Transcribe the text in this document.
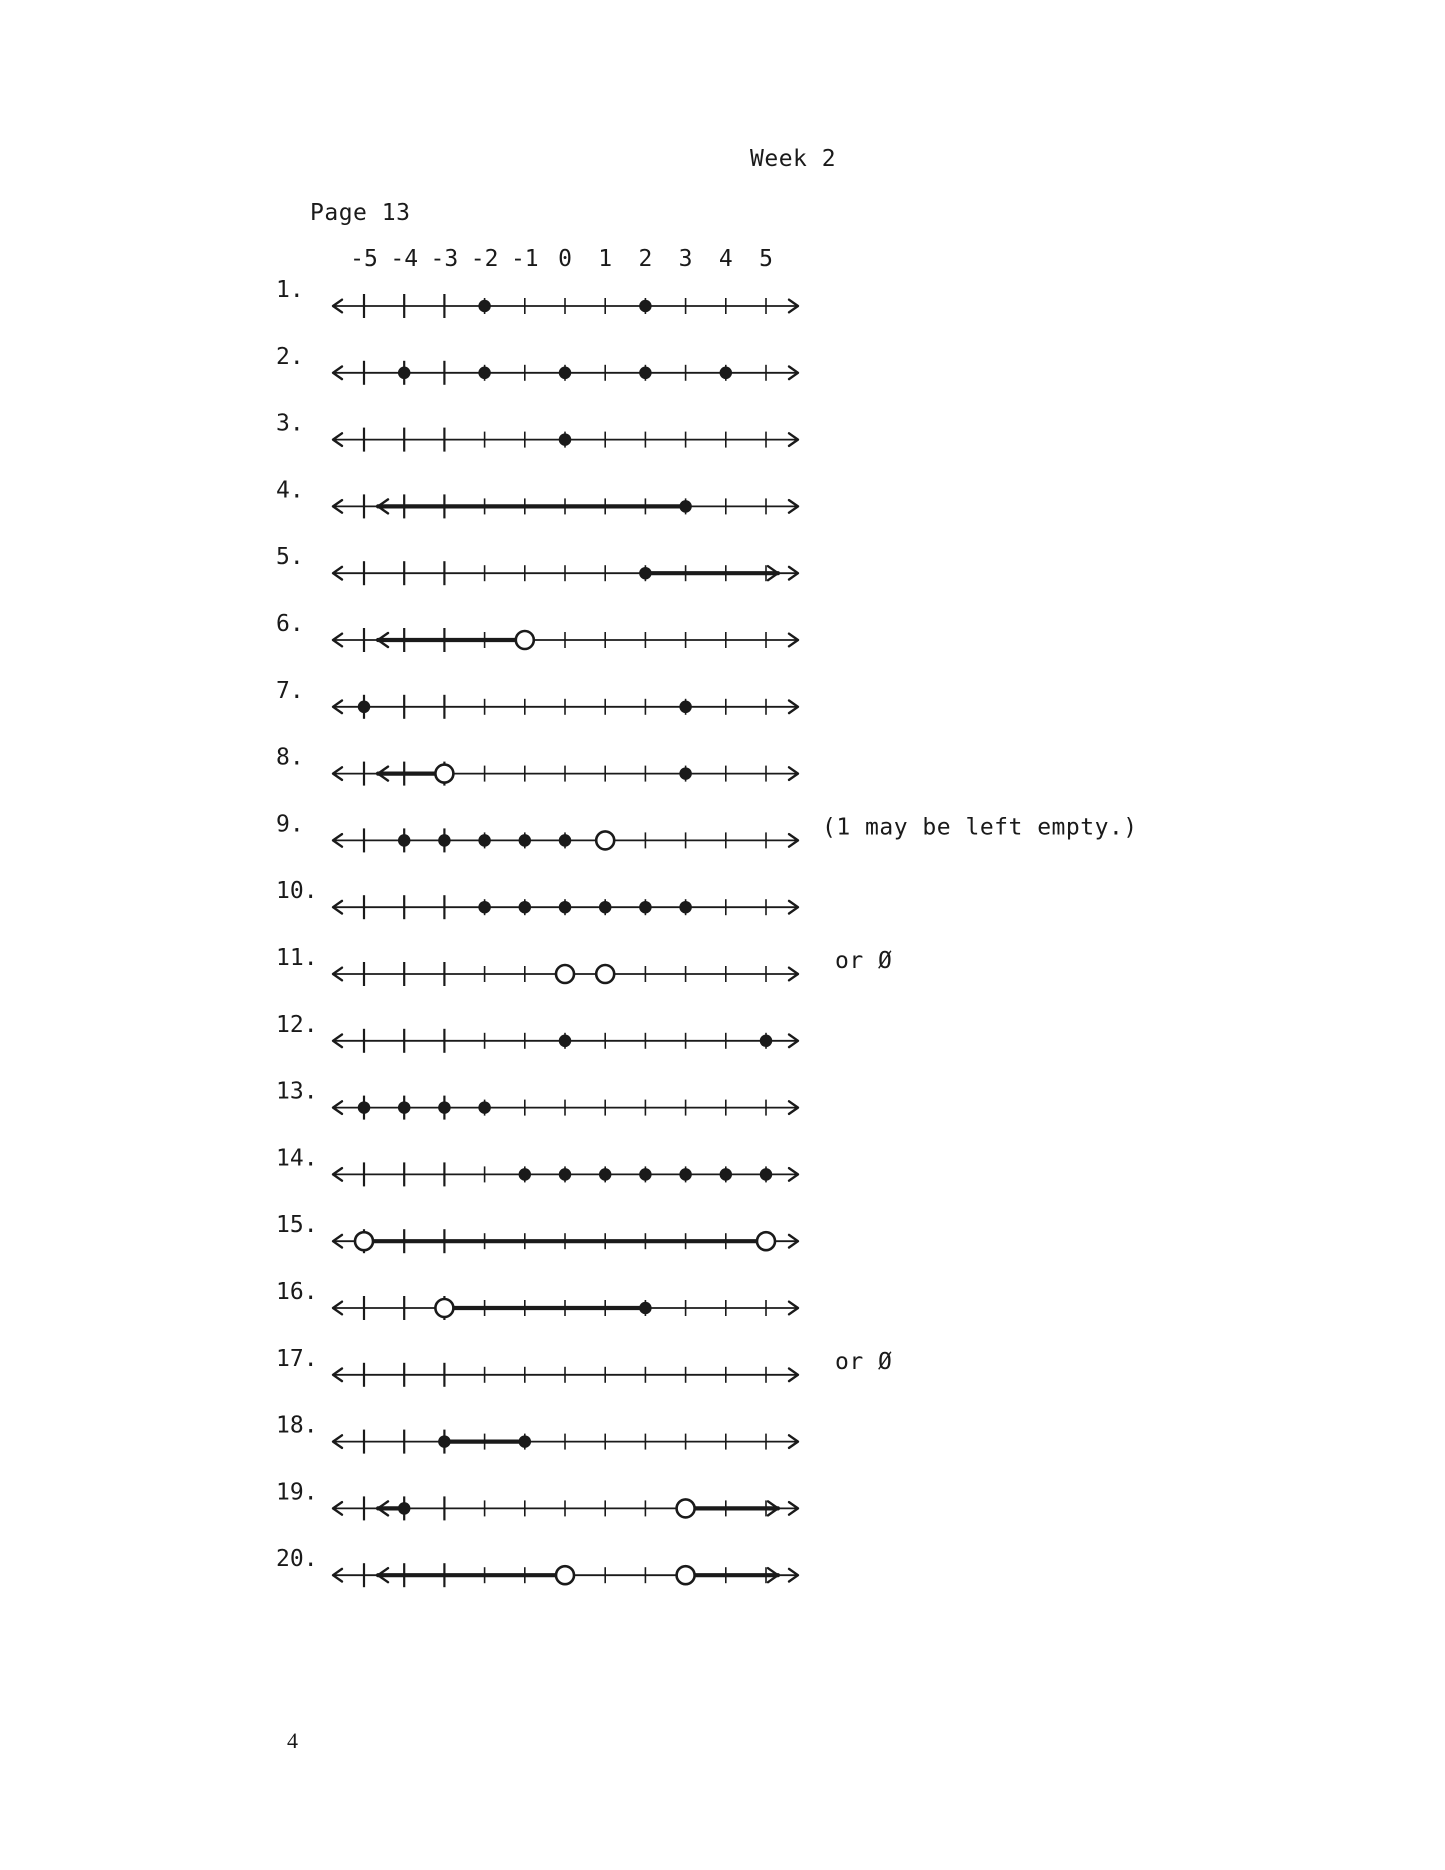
Week 2
Page 13
-5 -4 -3 -2 -1 0 1 2 3 4 5
1.
2.
3.
4.
5.
6.
7.
8.
9.	(1 may be left empty.)
10.
11.	or Ø
12.
13.
14.
15.
16.
17.	or Ø
18.
19.
20.
4
